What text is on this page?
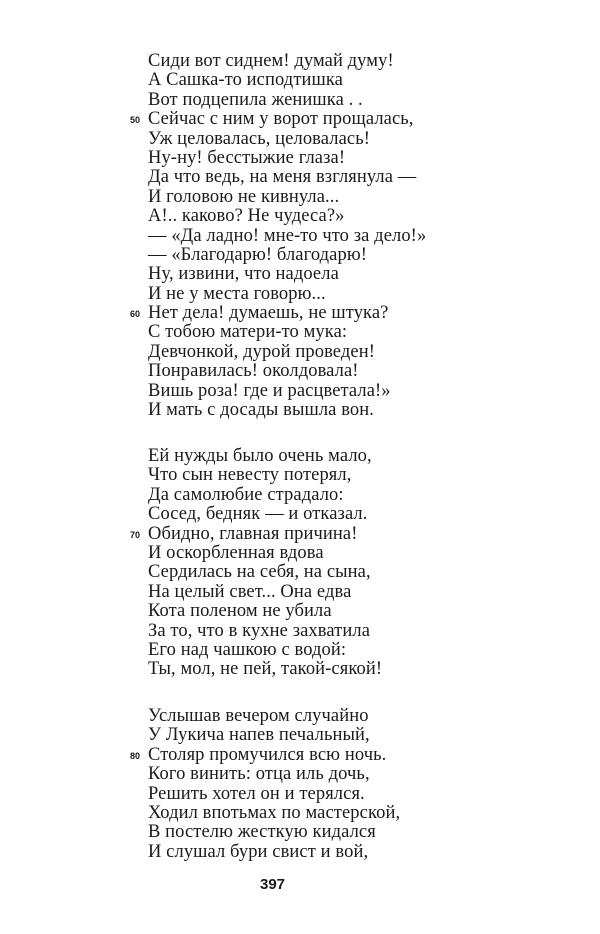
Сиди вот сиднем! думай думу!
А Сашка-то исподтишка
Вот подцепила женишка . .
50 Сейчас с ним у ворот прощалась,
Уж целовалась, целовалась!
Ну-ну! бесстыжие глаза!
Да что ведь, на меня взглянула —
И головою не кивнула...
А!.. каково? Не чудеса?»
— «Да ладно! мне-то что за дело!»
— «Благодарю! благодарю!
Ну, извини, что надоела
И не у места говорю...
60 Нет дела! думаешь, не штука?
С тобою матери-то мука:
Девчонкой, дурой проведен!
Понравилась! околдовала!
Вишь роза! где и расцветала!»
И мать с досады вышла вон.
Ей нужды было очень мало,
Что сын невесту потерял,
Да самолюбие страдало:
Сосед, бедняк — и отказал.
70 Обидно, главная причина!
И оскорбленная вдова
Сердилась на себя, на сына,
На целый свет... Она едва
Кота поленом не убила
За то, что в кухне захватила
Его над чашкою с водой:
Ты, мол, не пей, такой-сякой!
Услышав вечером случайно
У Лукича напев печальный,
80 Столяр промучился всю ночь.
Кого винить: отца иль дочь,
Решить хотел он и терялся.
Ходил впотьмах по мастерской,
В постелю жесткую кидался
И слушал бури свист и вой,
397
